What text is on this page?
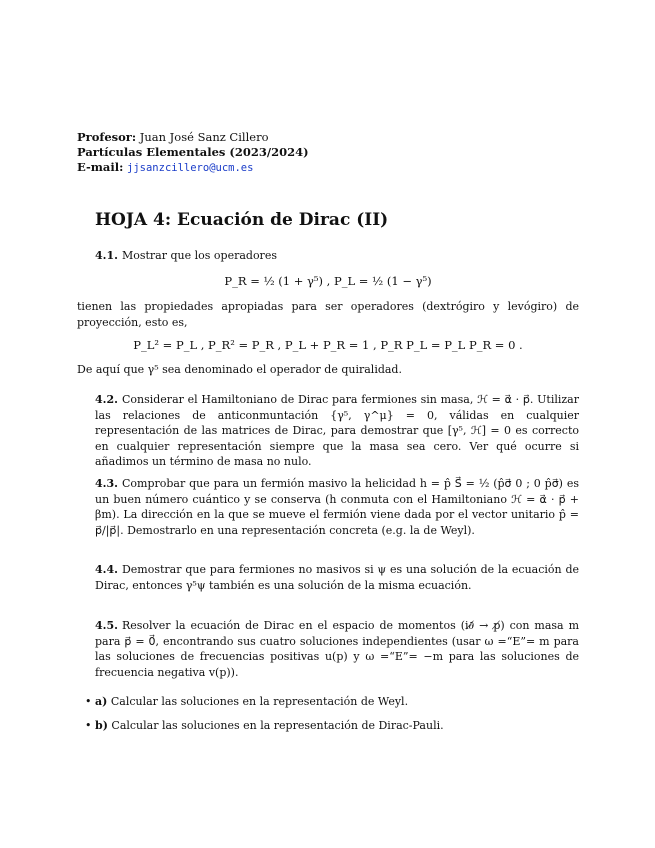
Profesor: Juan José Sanz Cillero
Partículas Elementales (2023/2024)
E-mail: jjsanzcillero@ucm.es
HOJA 4: Ecuación de Dirac (II)
4.1. Mostrar que los operadores
P_R = ½ (1 + γ⁵) , P_L = ½ (1 − γ⁵)
tienen las propiedades apropiadas para ser operadores (dextrógiro y levógiro) de proyección, esto es,
P_L² = P_L , P_R² = P_R , P_L + P_R = 1 , P_R P_L = P_L P_R = 0 .
De aquí que γ⁵ sea denominado el operador de quiralidad.
4.2. Considerar el Hamiltoniano de Dirac para fermiones sin masa, ℋ = α⃗ · p⃗. Utilizar las relaciones de anticonmuntación {γ⁵, γ^μ} = 0, válidas en cualquier representación de las matrices de Dirac, para demostrar que [γ⁵, ℋ] = 0 es correcto en cualquier representación siempre que la masa sea cero. Ver qué ocurre si añadimos un término de masa no nulo.
4.3. Comprobar que para un fermión masivo la helicidad h = p̂ S⃗ = ½ (p̂σ⃗ 0 ; 0 p̂σ⃗) es un buen número cuántico y se conserva (h conmuta con el Hamiltoniano ℋ = α⃗ · p⃗ + βm). La dirección en la que se mueve el fermión viene dada por el vector unitario p̂ = p⃗/|p⃗|. Demostrarlo en una representación concreta (e.g. la de Weyl).
4.4. Demostrar que para fermiones no masivos si ψ es una solución de la ecuación de Dirac, entonces γ⁵ψ también es una solución de la misma ecuación.
4.5. Resolver la ecuación de Dirac en el espacio de momentos (i∂̸ → p̸) con masa m para p⃗ = 0⃗, encontrando sus cuatro soluciones independientes (usar ω =“E”= m para las soluciones de frecuencias positivas u(p) y ω =“E”= −m para las soluciones de frecuencia negativa v(p)).
• a) Calcular las soluciones en la representación de Weyl.
• b) Calcular las soluciones en la representación de Dirac-Pauli.
